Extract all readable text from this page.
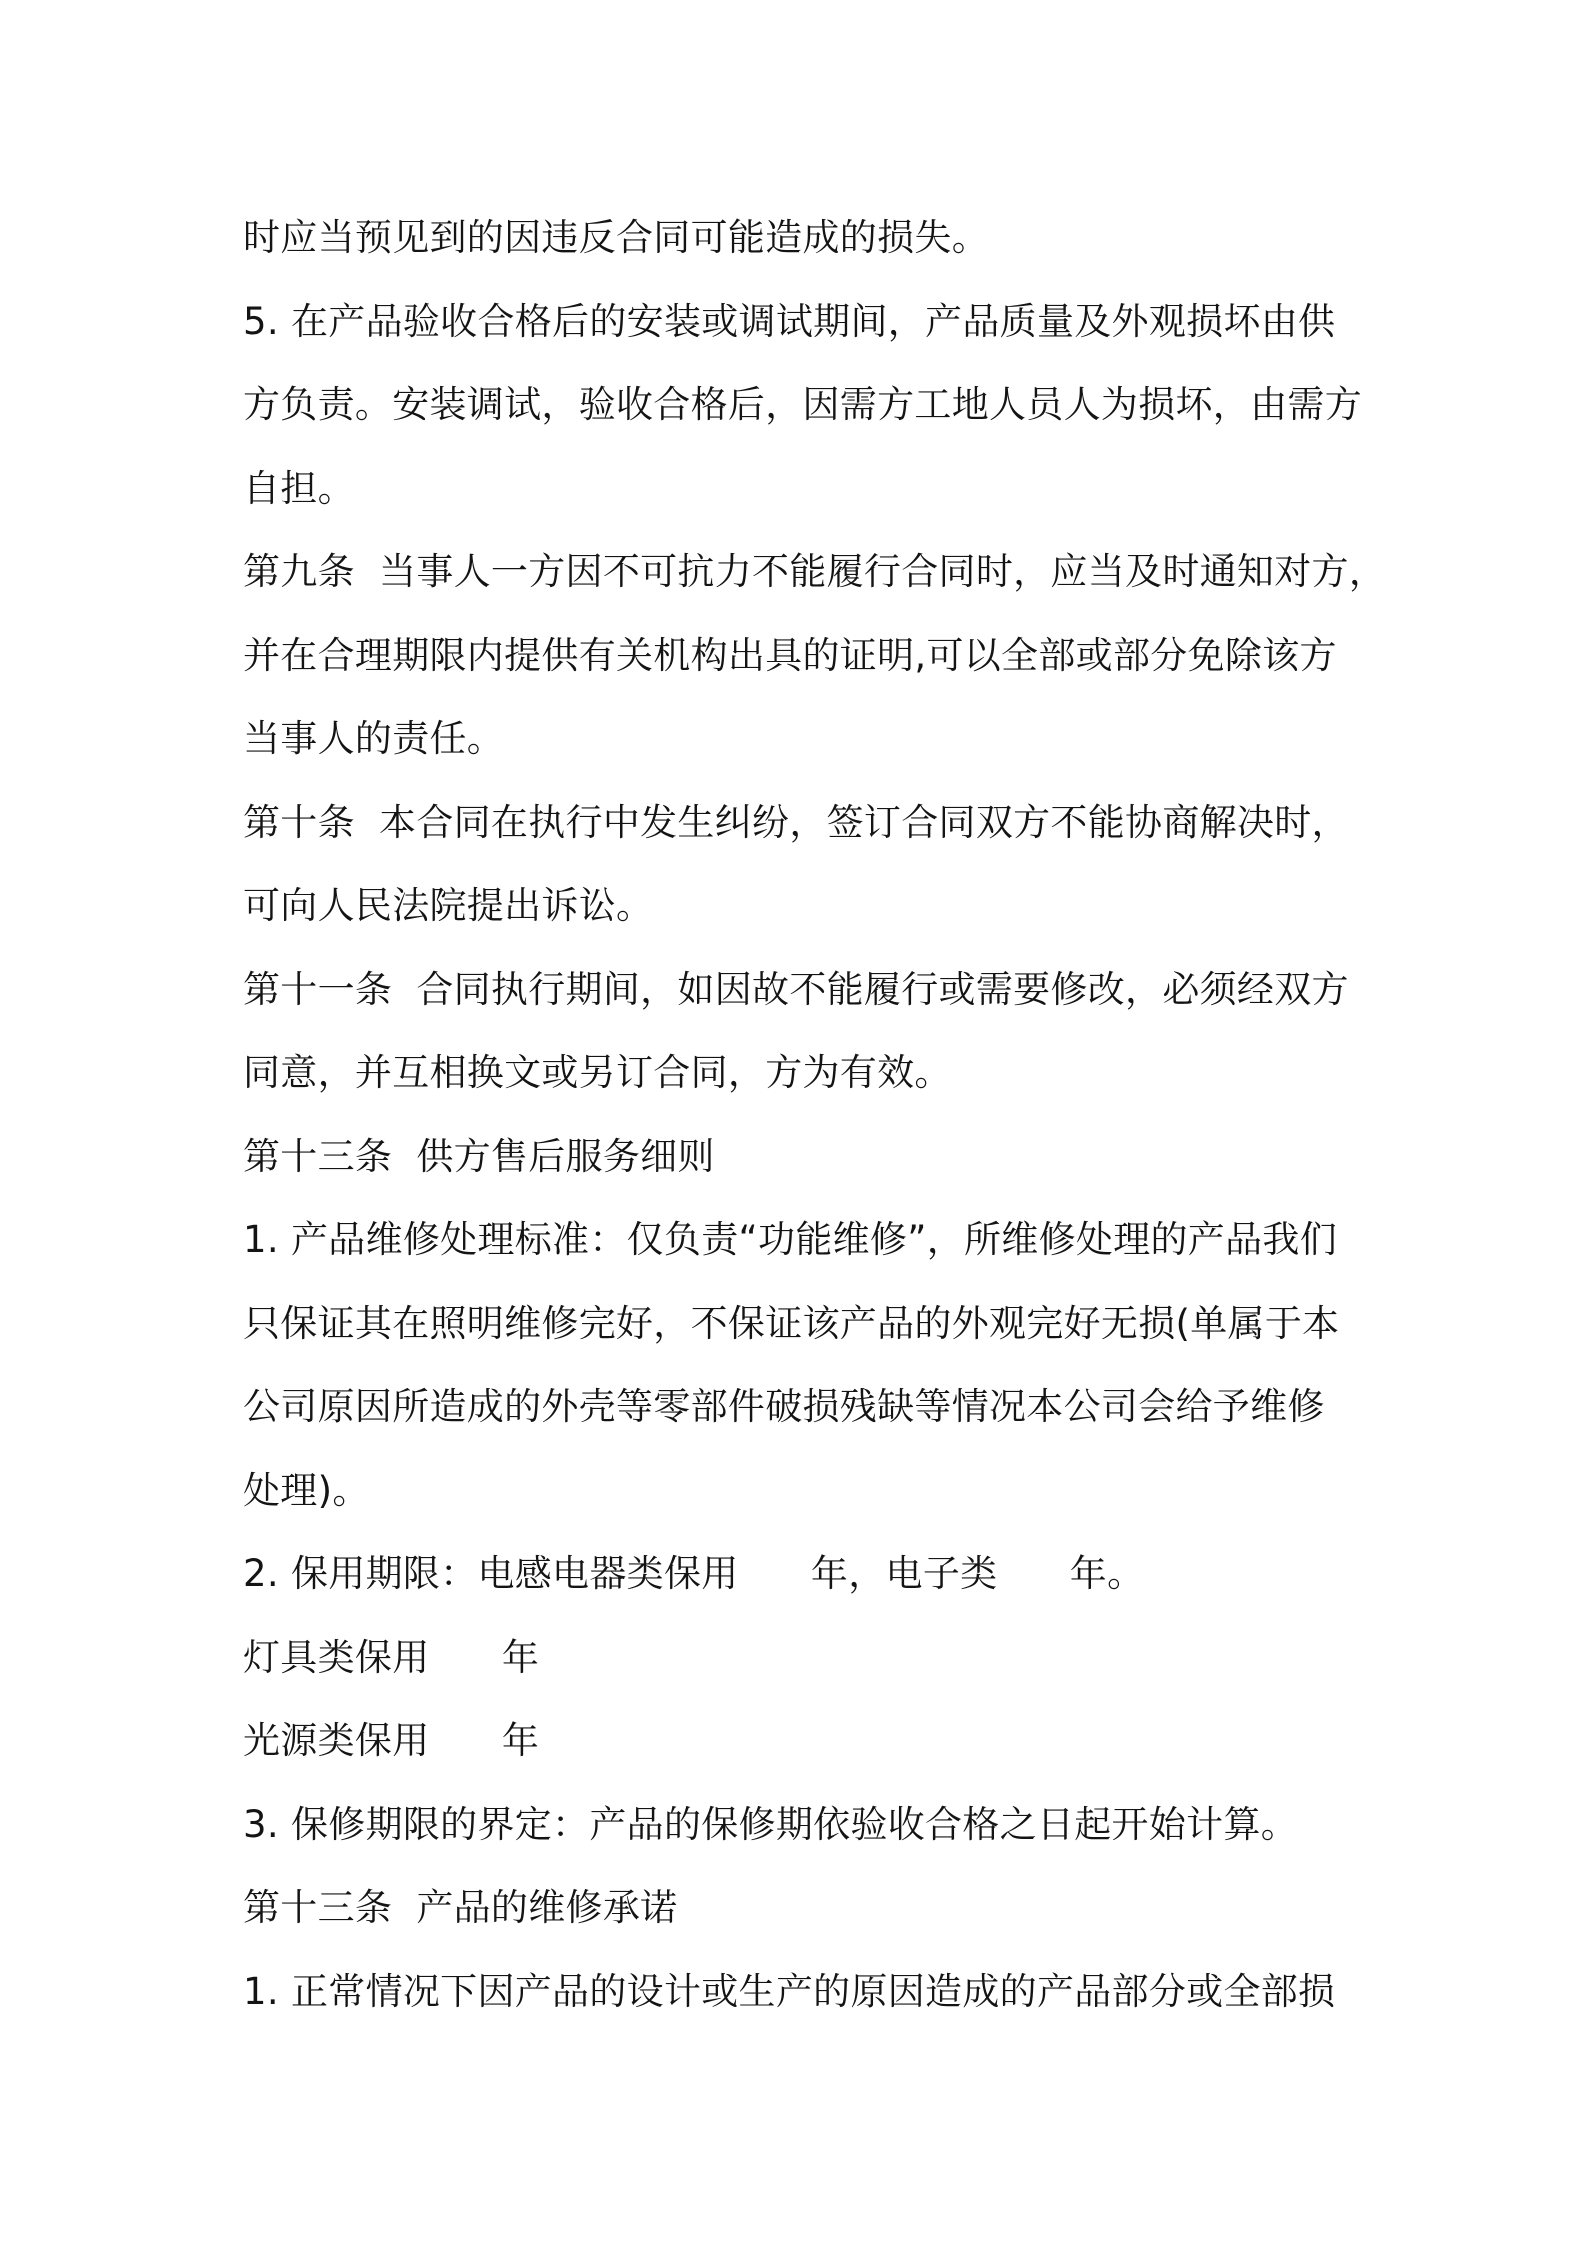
时应当预见到的因违反合同可能造成的损失。
5. 在产品验收合格后的安装或调试期间，产品质量及外观损坏由供
方负责。安装调试，验收合格后，因需方工地人员人为损坏，由需方
自担。
第九条  当事人一方因不可抗力不能履行合同时，应当及时通知对方，
并在合理期限内提供有关机构出具的证明,可以全部或部分免除该方
当事人的责任。
第十条  本合同在执行中发生纠纷，签订合同双方不能协商解决时，
可向人民法院提出诉讼。
第十一条  合同执行期间，如因故不能履行或需要修改，必须经双方
同意，并互相换文或另订合同，方为有效。
第十三条  供方售后服务细则
1. 产品维修处理标准：仅负责“功能维修”，所维修处理的产品我们
只保证其在照明维修完好，不保证该产品的外观完好无损(单属于本
公司原因所造成的外壳等零部件破损残缺等情况本公司会给予维修
处理)。
2. 保用期限：电感电器类保用      年，电子类      年。
灯具类保用      年
光源类保用      年
3. 保修期限的界定：产品的保修期依验收合格之日起开始计算。
第十三条  产品的维修承诺
1. 正常情况下因产品的设计或生产的原因造成的产品部分或全部损
